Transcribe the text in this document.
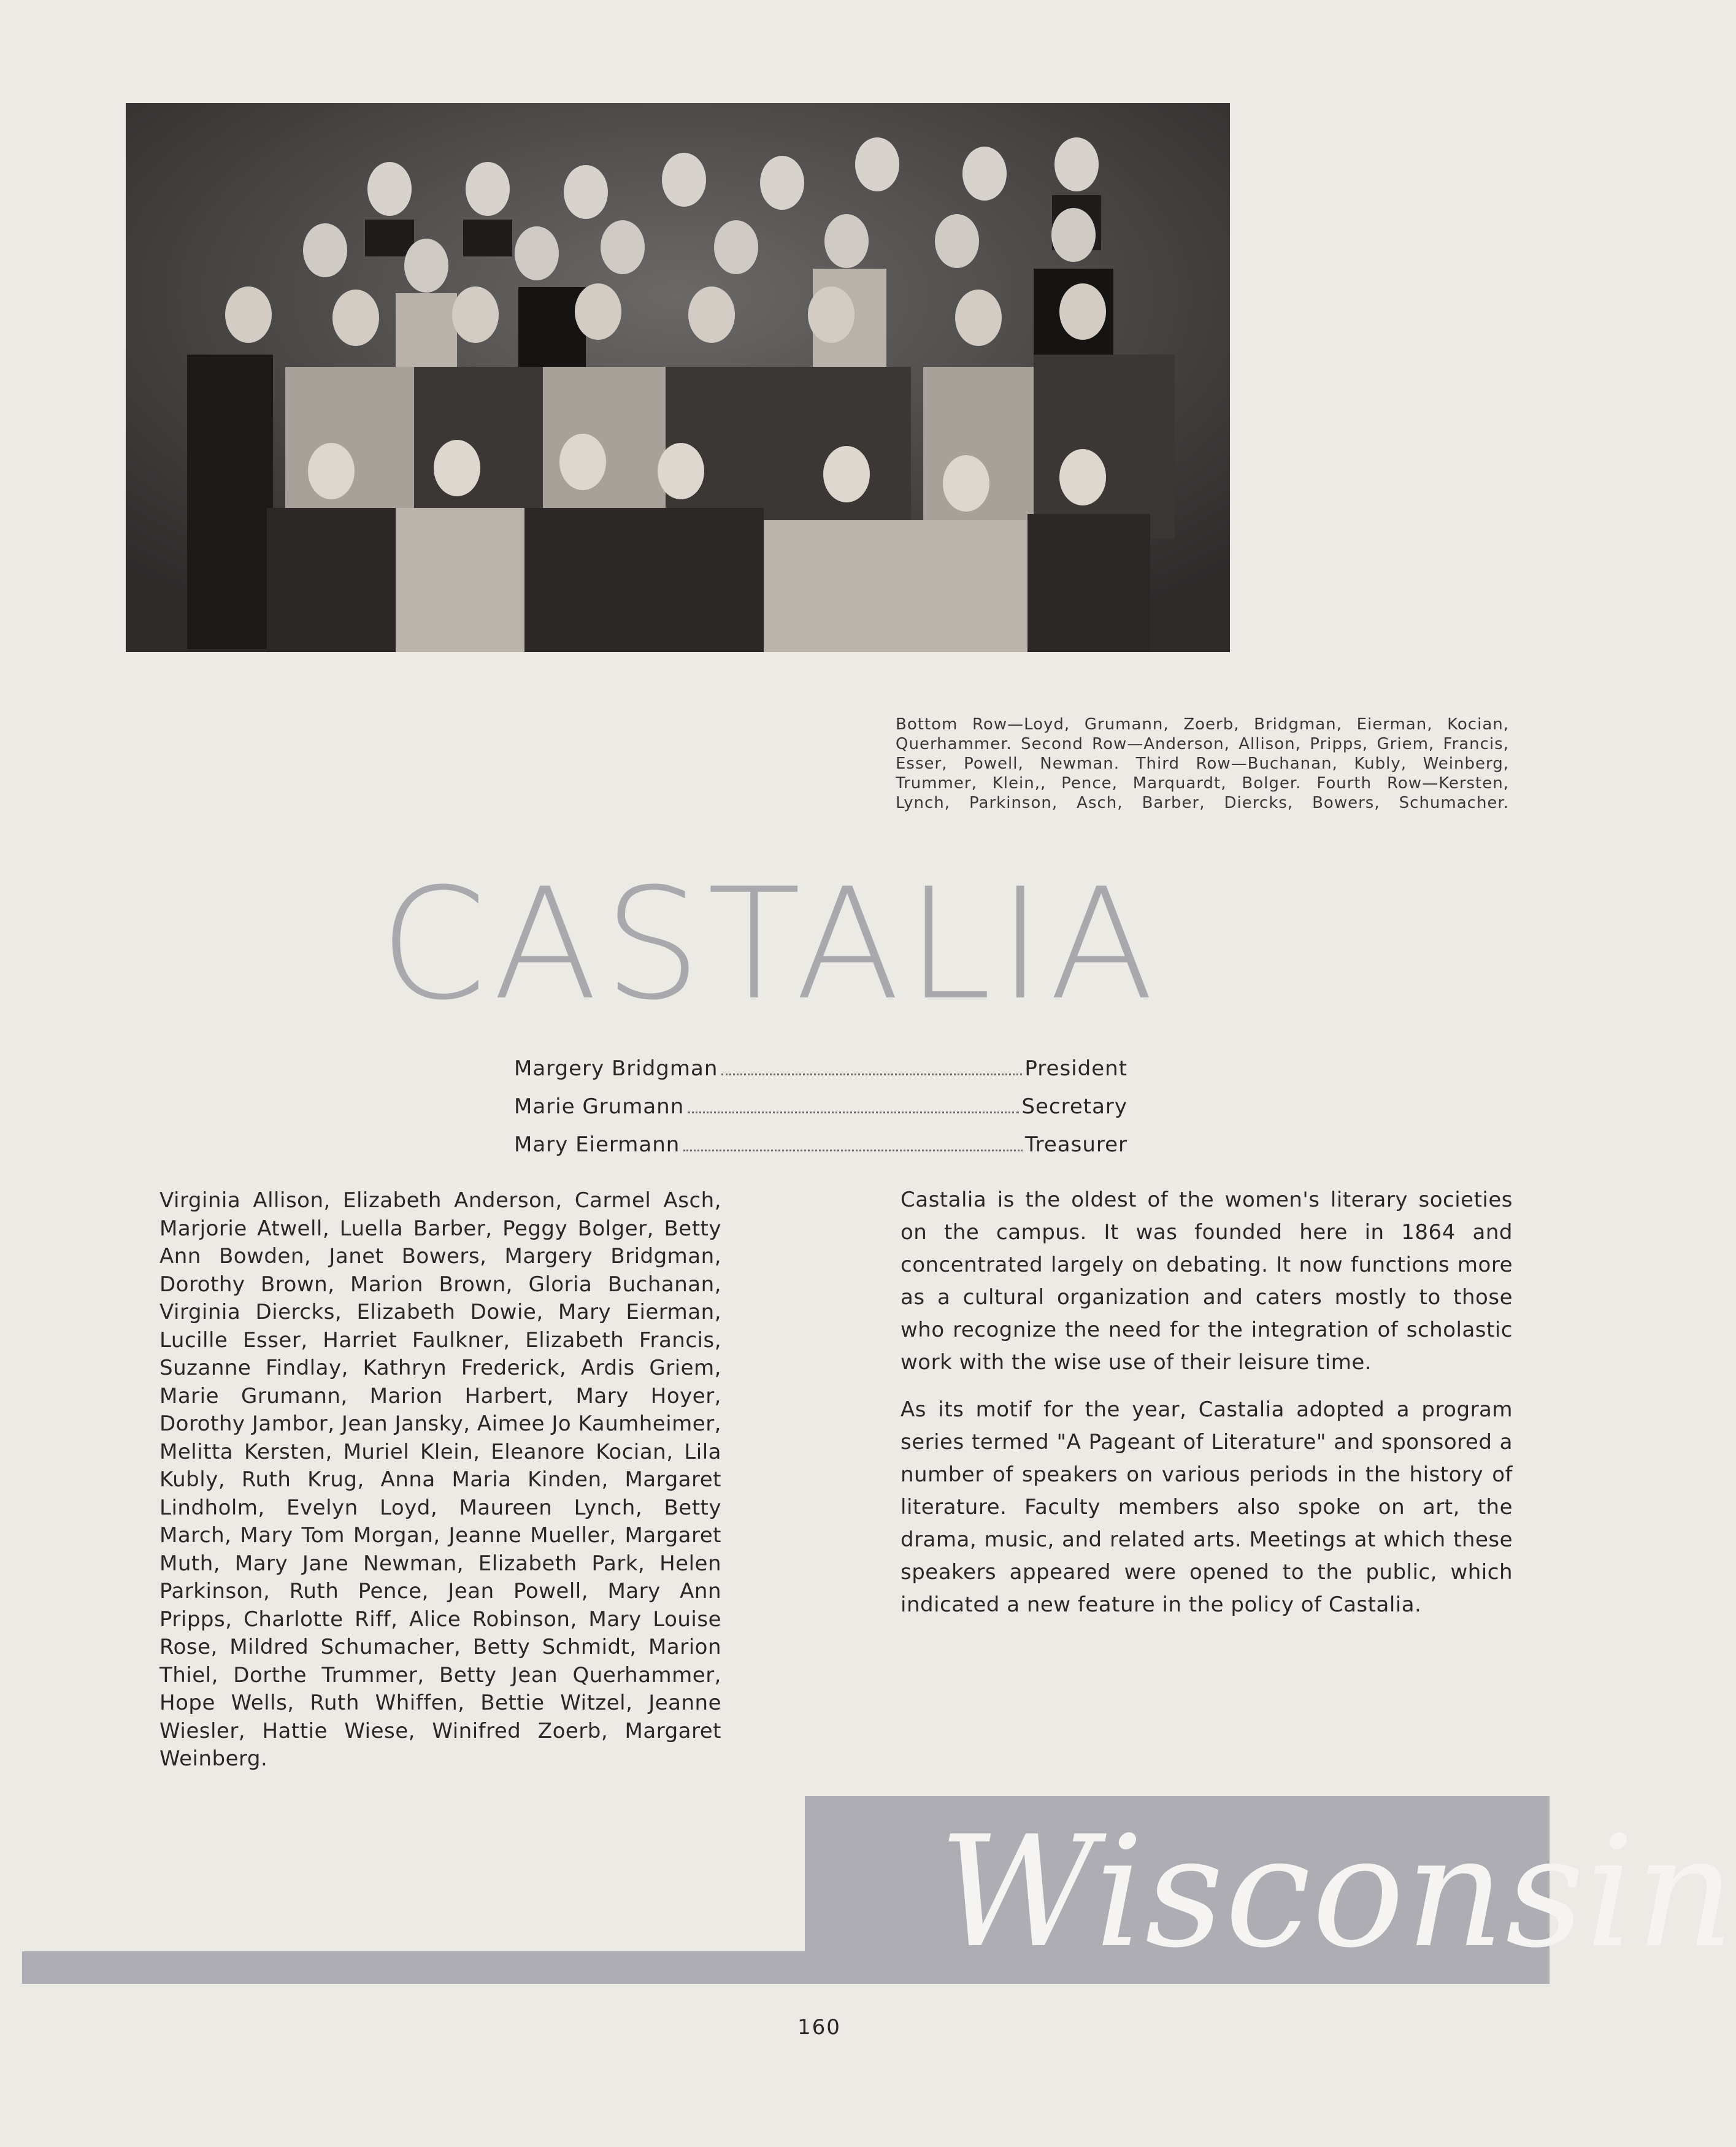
Bottom Row—Loyd, Grumann, Zoerb, Bridgman, Eierman, Kocian, Querhammer. Second Row—Anderson, Allison, Pripps, Griem, Francis, Esser, Powell, Newman. Third Row—Buchanan, Kubly, Weinberg, Trummer, Klein,, Pence, Marquardt, Bolger. Fourth Row—Kersten, Lynch, Parkinson, Asch, Barber, Diercks, Bowers, Schumacher.
CASTALIA
Margery Bridgman	President
Marie Grumann	Secretary
Mary Eiermann	Treasurer
Virginia Allison, Elizabeth Anderson, Carmel Asch, Marjorie Atwell, Luella Barber, Peggy Bolger, Betty Ann Bowden, Janet Bowers, Margery Bridgman, Dorothy Brown, Marion Brown, Gloria Buchanan, Virginia Diercks, Elizabeth Dowie, Mary Eierman, Lucille Esser, Harriet Faulkner, Elizabeth Francis, Suzanne Findlay, Kathryn Frederick, Ardis Griem, Marie Grumann, Marion Harbert, Mary Hoyer, Dorothy Jambor, Jean Jansky, Aimee Jo Kaumheimer, Melitta Kersten, Muriel Klein, Eleanore Kocian, Lila Kubly, Ruth Krug, Anna Maria Kinden, Margaret Lindholm, Evelyn Loyd, Maureen Lynch, Betty March, Mary Tom Morgan, Jeanne Mueller, Margaret Muth, Mary Jane Newman, Elizabeth Park, Helen Parkinson, Ruth Pence, Jean Powell, Mary Ann Pripps, Charlotte Riff, Alice Robinson, Mary Louise Rose, Mildred Schumacher, Betty Schmidt, Marion Thiel, Dorthe Trummer, Betty Jean Querhammer, Hope Wells, Ruth Whiffen, Bettie Witzel, Jeanne Wiesler, Hattie Wiese, Winifred Zoerb, Margaret Weinberg.

Castalia is the oldest of the women's literary societies on the campus. It was founded here in 1864 and concentrated largely on debating. It now functions more as a cultural organization and caters mostly to those who recognize the need for the integration of scholastic work with the wise use of their leisure time.

As its motif for the year, Castalia adopted a program series termed "A Pageant of Literature" and sponsored a number of speakers on various periods in the history of literature. Faculty members also spoke on art, the drama, music, and related arts. Meetings at which these speakers appeared were opened to the public, which indicated a new feature in the policy of Castalia.

Wisconsin
160
